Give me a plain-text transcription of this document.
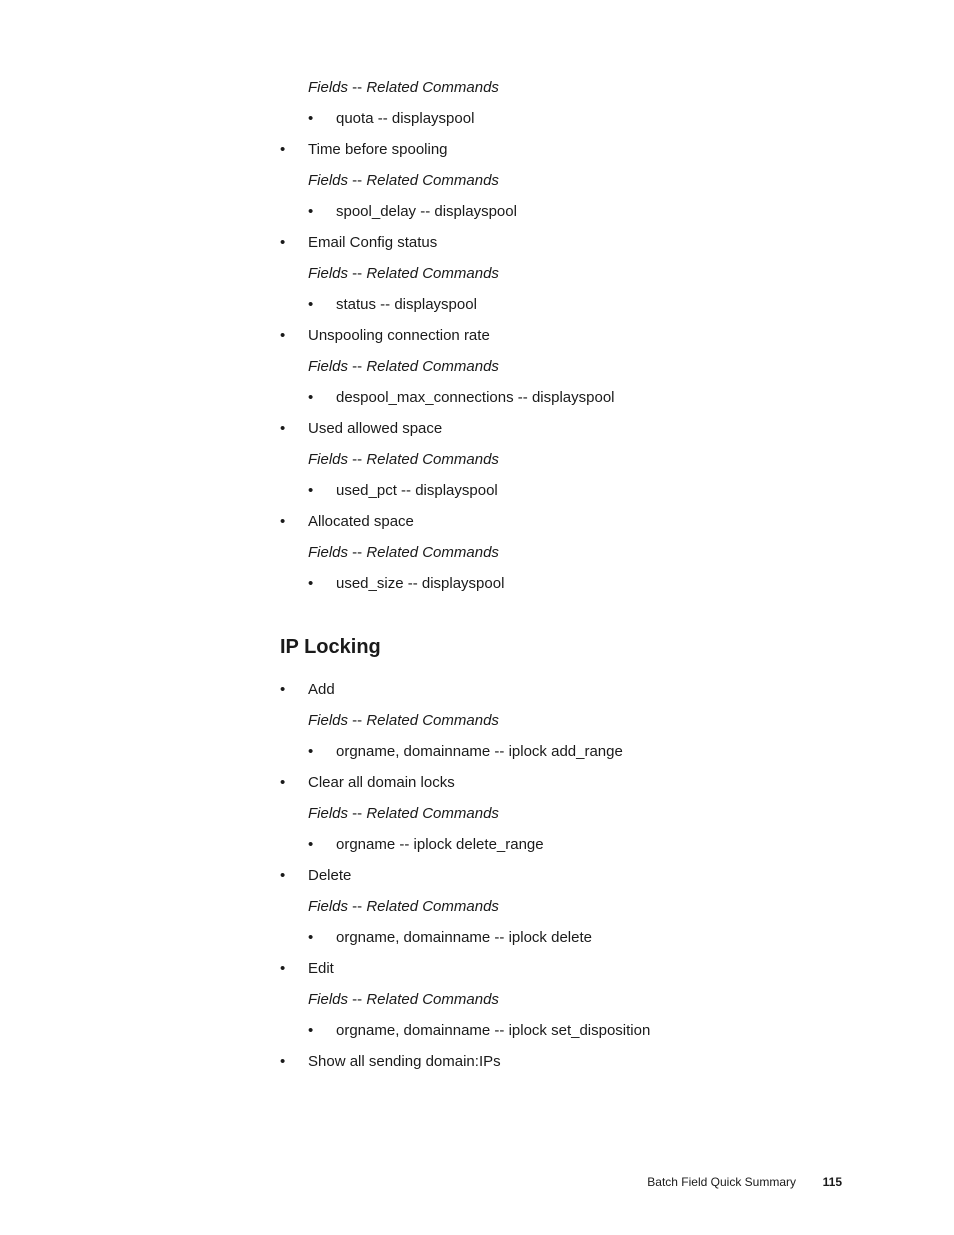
Fields -- Related Commands
• quota -- displayspool
• Time before spooling
Fields -- Related Commands
• spool_delay -- displayspool
• Email Config status
Fields -- Related Commands
• status -- displayspool
• Unspooling connection rate
Fields -- Related Commands
• despool_max_connections -- displayspool
• Used allowed space
Fields -- Related Commands
• used_pct -- displayspool
• Allocated space
Fields -- Related Commands
• used_size -- displayspool
IP Locking
• Add
Fields -- Related Commands
• orgname, domainname -- iplock add_range
• Clear all domain locks
Fields -- Related Commands
• orgname -- iplock delete_range
• Delete
Fields -- Related Commands
• orgname, domainname -- iplock delete
• Edit
Fields -- Related Commands
• orgname, domainname -- iplock set_disposition
• Show all sending domain:IPs
Batch Field Quick Summary 115
